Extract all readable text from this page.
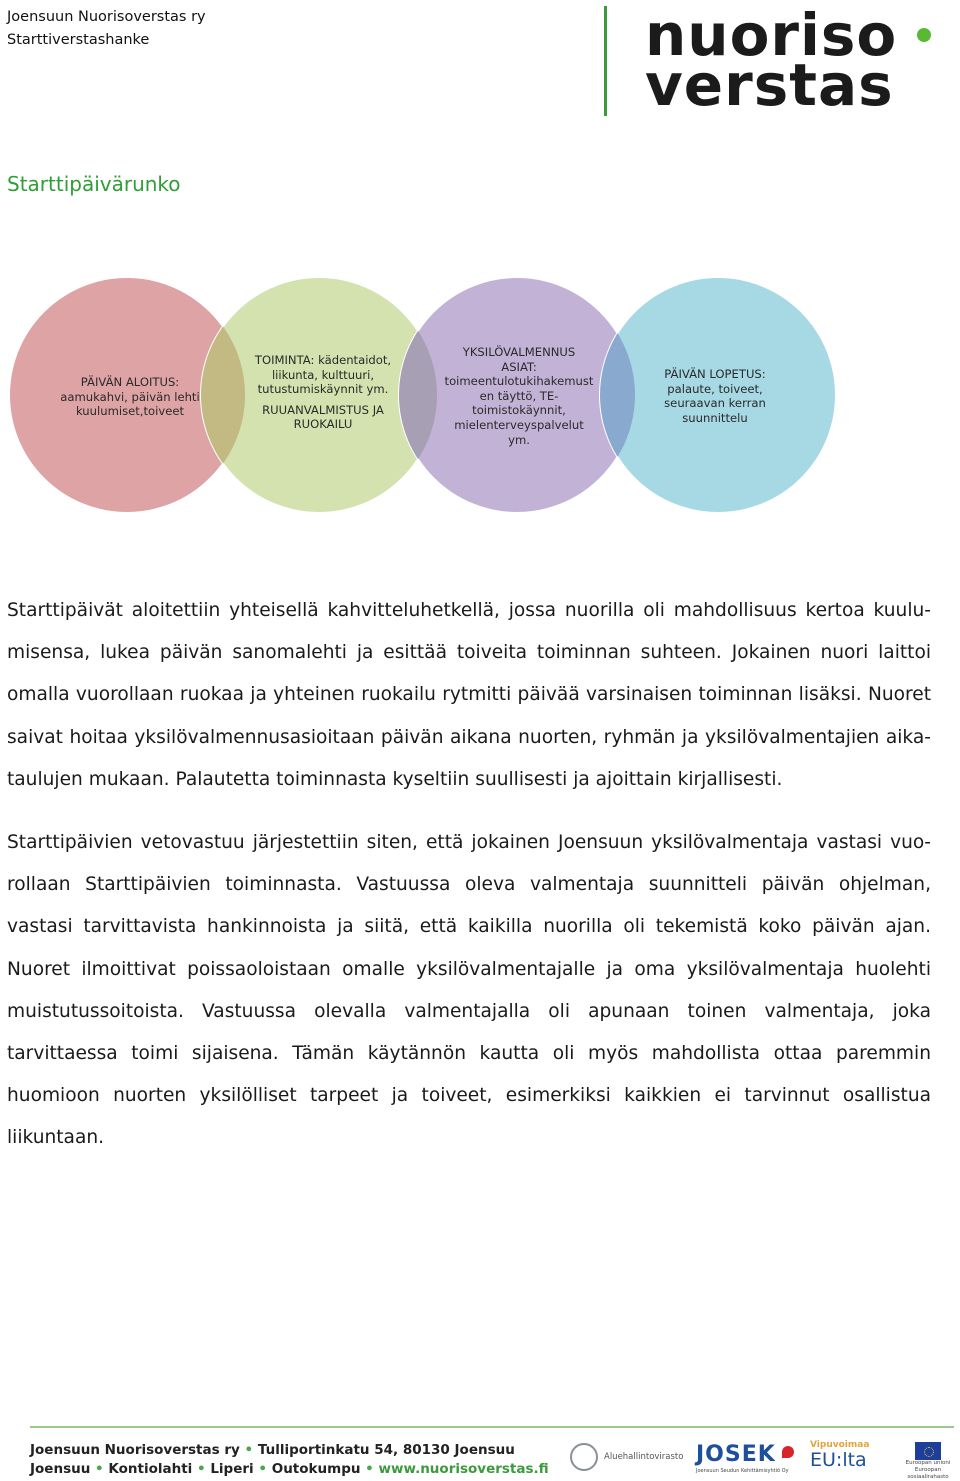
Joensuun Nuorisoverstas ry
Starttiverstashanke	nuoriso
verstas
Starttipäivärunko

PÄIVÄN ALOITUS:

aamukahvi, päivän lehti

kuulumiset,toiveet

TOIMINTA: kädentaidot,

liikunta, kulttuuri,

tutustumiskäynnit ym.

RUUANVALMISTUS JA

RUOKAILU

YKSILÖVALMENNUS

ASIAT:

toimeentulotukihakemust

en täyttö, TE-

toimistokäynnit,

mielenterveyspalvelut

ym.

PÄIVÄN LOPETUS:

palaute, toiveet,

seuraavan kerran

suunnittelu

Starttipäivät aloitettiin yhteisellä kahvitteluhetkellä, jossa nuorilla oli mahdollisuus kertoa kuulumisensa, lukea päivän sanomalehti ja esittää toiveita toiminnan suhteen. Jokainen nuori laittoi omalla vuorollaan ruokaa ja yhteinen ruokailu rytmitti päivää varsinaisen toiminnan lisäksi. Nuoret saivat hoitaa yksilövalmennusasioitaan päivän aikana nuorten, ryhmän ja yksilövalmentajien aikataulujen mukaan. Palautetta toiminnasta kyseltiin suullisesti ja ajoittain kirjallisesti.

Starttipäivien vetovastuu järjestettiin siten, että jokainen Joensuun yksilövalmentaja vastasi vuorollaan Starttipäivien toiminnasta. Vastuussa oleva valmentaja suunnitteli päivän ohjelman, vastasi tarvittavista hankinnoista ja siitä, että kaikilla nuorilla oli tekemistä koko päivän ajan. Nuoret ilmoittivat poissaoloistaan omalle yksilövalmentajalle ja oma yksilövalmentaja huolehti muistutussoitoista. Vastuussa olevalla valmentajalla oli apunaan toinen valmentaja, joka tarvittaessa toimi sijaisena. Tämän käytännön kautta oli myös mahdollista ottaa paremmin huomioon nuorten yksilölliset tarpeet ja toiveet, esimerkiksi kaikkien ei tarvinnut osallistua liikuntaan.

Joensuun Nuorisoverstas ry • Tulliportinkatu 54, 80130 Joensuu
Joensuu • Kontiolahti • Liperi • Outokumpu • www.nuorisoverstas.fi
Aluehallintovirasto JOSEK
Joensuun Seudun Kehittämisyhtiö Oy
Vipuvoimaa
EU:lta	Euroopan unioni Euroopan sosiaalirahasto
